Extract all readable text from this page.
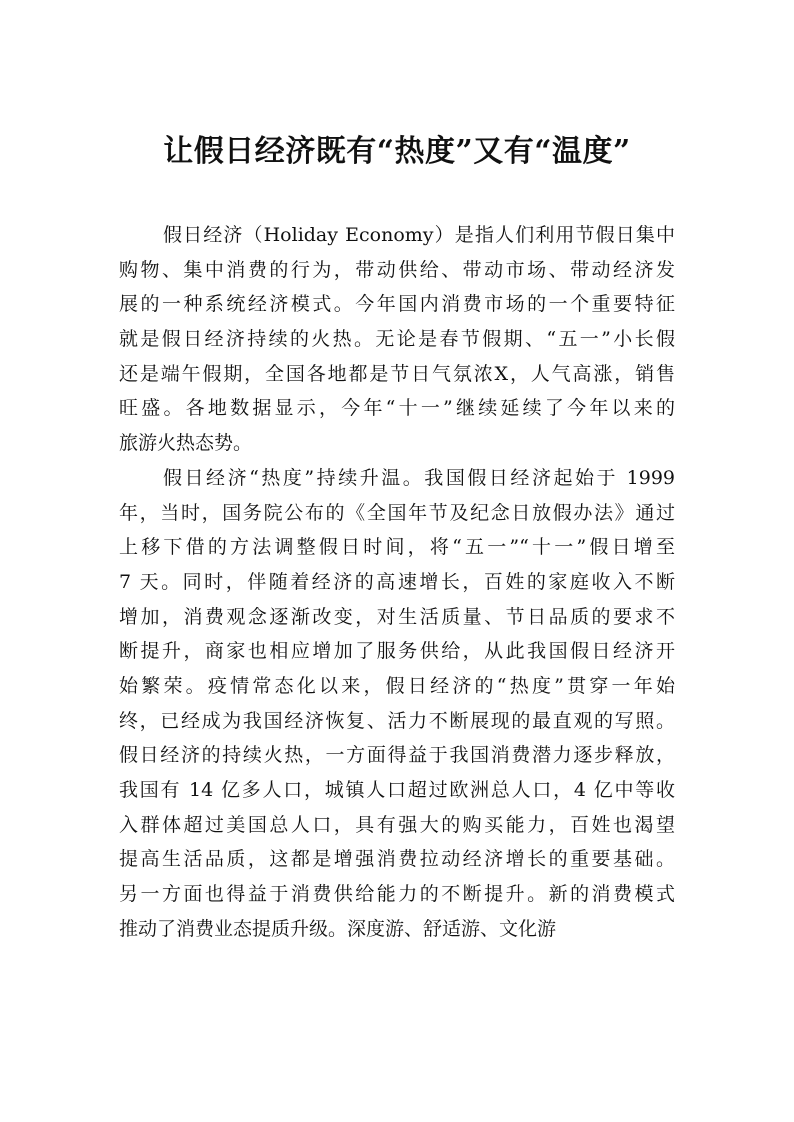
让假日经济既有“热度”又有“温度”
假日经济（Holiday Economy）是指人们利用节假日集中
购物、集中消费的行为，带动供给、带动市场、带动经济发
展的一种系统经济模式。今年国内消费市场的一个重要特征
就是假日经济持续的火热。无论是春节假期、“五一”小长假
还是端午假期，全国各地都是节日气氛浓X，人气高涨，销售
旺盛。各地数据显示，今年“十一”继续延续了今年以来的
旅游火热态势。
假日经济“热度”持续升温。我国假日经济起始于 1999
年，当时，国务院公布的《全国年节及纪念日放假办法》通过
上移下借的方法调整假日时间，将“五一”“十一”假日增至
7 天。同时，伴随着经济的高速增长，百姓的家庭收入不断
增加，消费观念逐渐改变，对生活质量、节日品质的要求不
断提升，商家也相应增加了服务供给，从此我国假日经济开
始繁荣。疫情常态化以来，假日经济的“热度”贯穿一年始
终，已经成为我国经济恢复、活力不断展现的最直观的写照。
假日经济的持续火热，一方面得益于我国消费潜力逐步释放，
我国有 14 亿多人口，城镇人口超过欧洲总人口，4 亿中等收
入群体超过美国总人口，具有强大的购买能力，百姓也渴望
提高生活品质，这都是增强消费拉动经济增长的重要基础。
另一方面也得益于消费供给能力的不断提升。新的消费模式
推动了消费业态提质升级。深度游、舒适游、文化游
